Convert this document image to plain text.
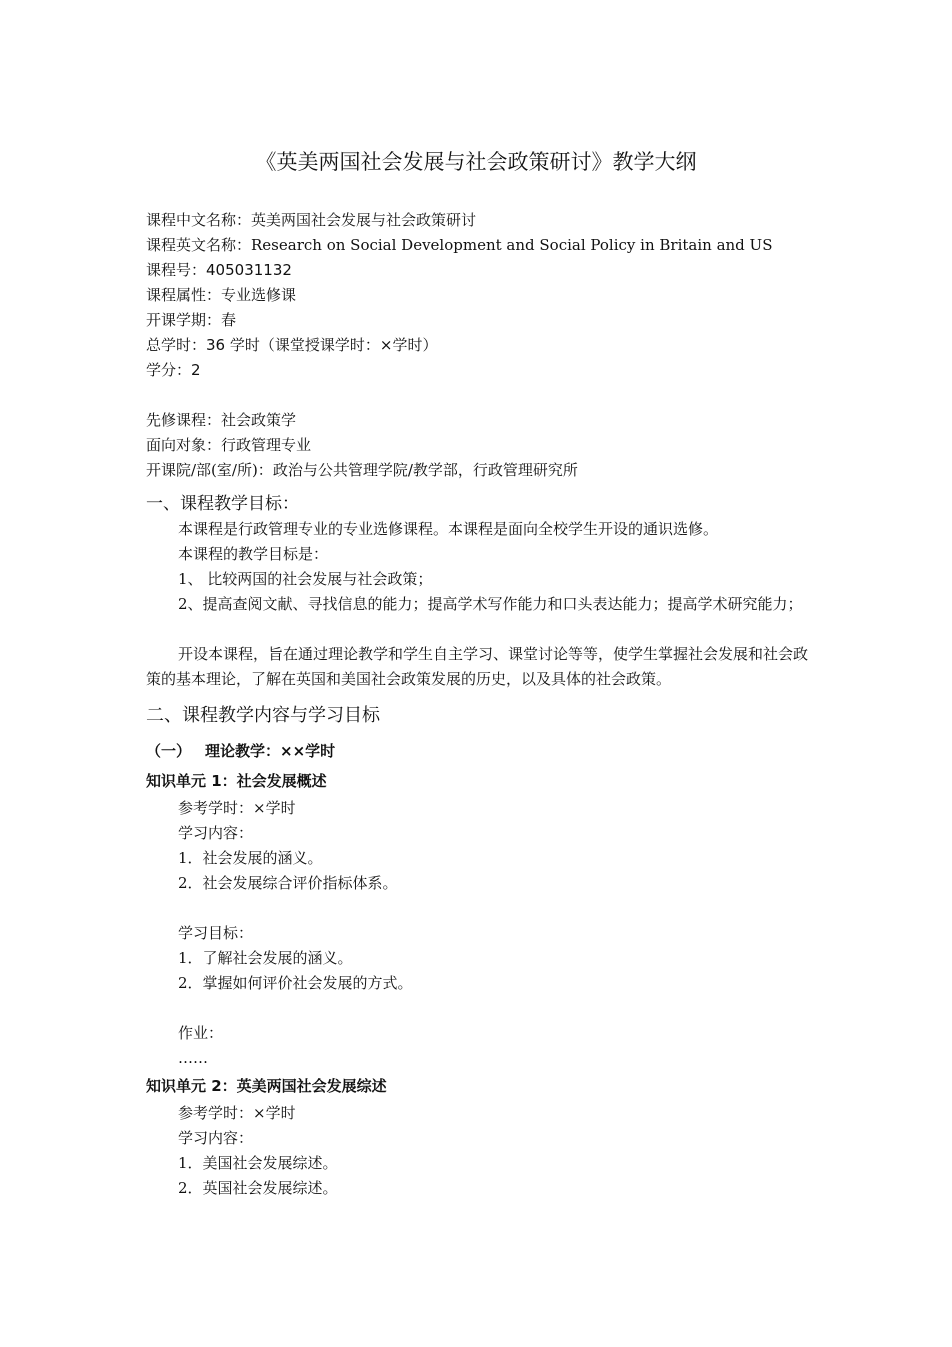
《英美两国社会发展与社会政策研讨》教学大纲
课程中文名称：英美两国社会发展与社会政策研讨
课程英文名称：Research on Social Development and Social Policy in Britain and US
课程号：405031132
课程属性：专业选修课
开课学期：春
总学时：36 学时（课堂授课学时：×学时）
学分：2
先修课程：社会政策学
面向对象：行政管理专业
开课院/部(室/所)：政治与公共管理学院/教学部，行政管理研究所
一、课程教学目标：
本课程是行政管理专业的专业选修课程。本课程是面向全校学生开设的通识选修。
本课程的教学目标是：
1、 比较两国的社会发展与社会政策；
2、提高查阅文献、寻找信息的能力；提高学术写作能力和口头表达能力；提高学术研究能力；
开设本课程，旨在通过理论教学和学生自主学习、课堂讨论等等，使学生掌握社会发展和社会政策的基本理论，了解在英国和美国社会政策发展的历史，以及具体的社会政策。
二、课程教学内容与学习目标
（一） 理论教学：××学时
知识单元 1：社会发展概述
参考学时：×学时
学习内容：
1．社会发展的涵义。
2．社会发展综合评价指标体系。
学习目标：
1．了解社会发展的涵义。
2．掌握如何评价社会发展的方式。
作业：
……
知识单元 2：英美两国社会发展综述
参考学时：×学时
学习内容：
1．美国社会发展综述。
2．英国社会发展综述。
